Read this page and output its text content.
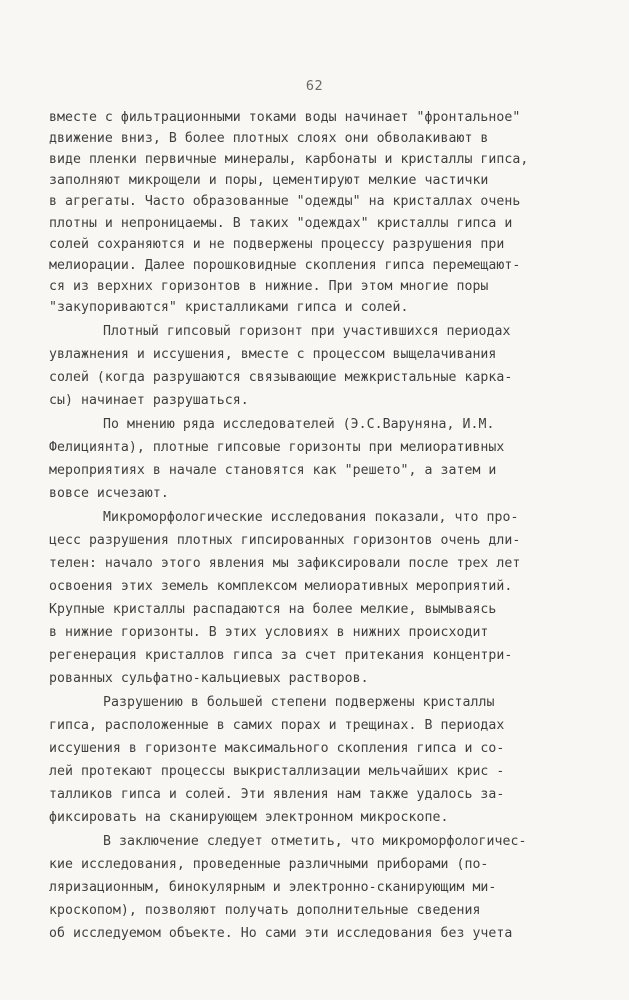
62
вместе с фильтрационными токами воды начинает "фронтальное"
движение вниз, В более плотных слоях они обволакивают в
виде пленки первичные минералы, карбонаты и кристаллы гипса,
заполняют микрощели и поры, цементируют мелкие частички
в агрегаты. Часто образованные "одежды" на кристаллах очень
плотны и непроницаемы. В таких "одеждах" кристаллы гипса и
солей сохраняются и не подвержены процессу разрушения при
мелиорации. Далее порошковидные скопления гипса перемещают-
ся из верхних горизонтов в нижние. При этом многие поры
"закупориваются" кристалликами гипса и солей.
Плотный гипсовый горизонт при участившихся периодах
увлажнения и иссушения, вместе с процессом выщелачивания
солей (когда разрушаются связывающие межкристальные карка-
сы) начинает разрушаться.
По мнению ряда исследователей (Э.С.Варуняна, И.М.
Фелициянта), плотные гипсовые горизонты при мелиоративных
мероприятиях в начале становятся как "решето", а затем и
вовсе исчезают.
Микроморфологические исследования показали, что про-
цесс разрушения плотных гипсированных горизонтов очень дли-
телен: начало этого явления мы зафиксировали после трех лет
освоения этих земель комплексом мелиоративных мероприятий.
Крупные кристаллы распадаются на более мелкие, вымываясь
в нижние горизонты. В этих условиях в нижних происходит
регенерация кристаллов гипса за счет притекания концентри-
рованных сульфатно-кальциевых растворов.
Разрушению в большей степени подвержены кристаллы
гипса, расположенные в самих порах и трещинах. В периодах
иссушения в горизонте максимального скопления гипса и со-
лей протекают процессы выкристаллизации мельчайших крис -
талликов гипса и солей. Эти явления нам также удалось за-
фиксировать на сканирующем электронном микроскопе.
В заключение следует отметить, что микроморфологичес-
кие исследования, проведенные различными приборами (по-
ляризационным, бинокулярным и электронно-сканирующим ми-
кроскопом), позволяют получать дополнительные сведения
об исследуемом объекте. Но сами эти исследования без учета
